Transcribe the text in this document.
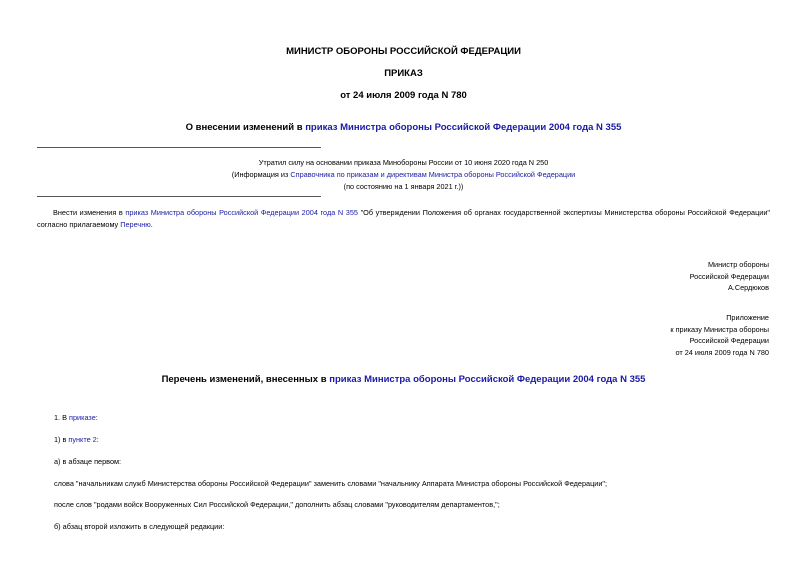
МИНИСТР ОБОРОНЫ РОССИЙСКОЙ ФЕДЕРАЦИИ
ПРИКАЗ
от 24 июля 2009 года N 780
О внесении изменений в приказ Министра обороны Российской Федерации 2004 года N 355
Утратил силу на основании приказа Минобороны России от 10 июня 2020 года N 250
(Информация из Справочника по приказам и директивам Министра обороны Российской Федерации
(по состоянию на 1 января 2021 г.))
Внести изменения в приказ Министра обороны Российской Федерации 2004 года N 355 "Об утверждении Положения об органах государственной экспертизы Министерства обороны Российской Федерации"
согласно прилагаемому Перечню.
Министр обороны
Российской Федерации
А.Сердюков
Приложение
к приказу Министра обороны
Российской Федерации
от 24 июля 2009 года N 780
Перечень изменений, внесенных в приказ Министра обороны Российской Федерации 2004 года N 355
1. В приказе:
1) в пункте 2:
а) в абзаце первом:
слова "начальникам служб Министерства обороны Российской Федерации" заменить словами "начальнику Аппарата Министра обороны Российской Федерации";
после слов "родами войск Вооруженных Сил Российской Федерации," дополнить абзац словами "руководителям департаментов,";
б) абзац второй изложить в следующей редакции:
